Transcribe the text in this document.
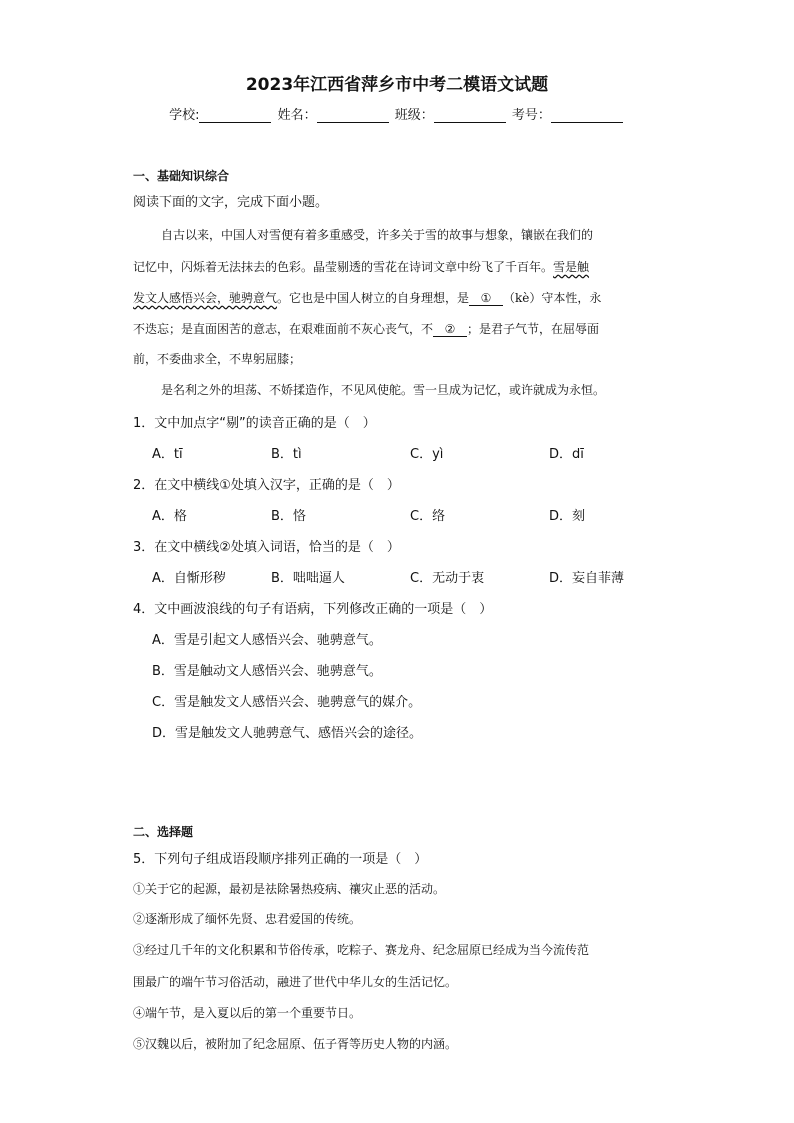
2023年江西省萍乡市中考二模语文试题
学校:	姓名：	班级：	考号：
一、基础知识综合
阅读下面的文字，完成下面小题。
自古以来，中国人对雪便有着多重感受，许多关于雪的故事与想象，镶嵌在我们的
记忆中，闪烁着无法抹去的色彩。晶莹剔透的雪花在诗词文章中纷飞了千百年。雪是触
发文人感悟兴会，驰骋意气。它也是中国人树立的自身理想，是 ① （kè）守本性，永
不迭忘；是直面困苦的意志，在艰难面前不灰心丧气，不 ② ；是君子气节，在屈辱面
前，不委曲求全，不卑躬屈膝；
是名利之外的坦荡、不娇揉造作，不见风使舵。雪一旦成为记忆，或许就成为永恒。
1．文中加点字“剔”的读音正确的是（　）
A．tī	B．tì	C．yì	D．dī
2．在文中横线①处填入汉字，正确的是（　）
A．格	B．恪	C．络	D．刻
3．在文中横线②处填入词语，恰当的是（　）
A．自惭形秽	B．咄咄逼人	C．无动于衷	D．妄自菲薄
4．文中画波浪线的句子有语病，下列修改正确的一项是（　）
A．雪是引起文人感悟兴会、驰骋意气。
B．雪是触动文人感悟兴会、驰骋意气。
C．雪是触发文人感悟兴会、驰骋意气的媒介。
D．雪是触发文人驰骋意气、感悟兴会的途径。
二、选择题
5．下列句子组成语段顺序排列正确的一项是（　）
①关于它的起源，最初是祛除暑热疫病、禳灾止恶的活动。
②逐渐形成了缅怀先贤、忠君爱国的传统。
③经过几千年的文化积累和节俗传承，吃粽子、赛龙舟、纪念屈原已经成为当今流传范
围最广的端午节习俗活动，融进了世代中华儿女的生活记忆。
④端午节，是入夏以后的第一个重要节日。
⑤汉魏以后，被附加了纪念屈原、伍子胥等历史人物的内涵。
